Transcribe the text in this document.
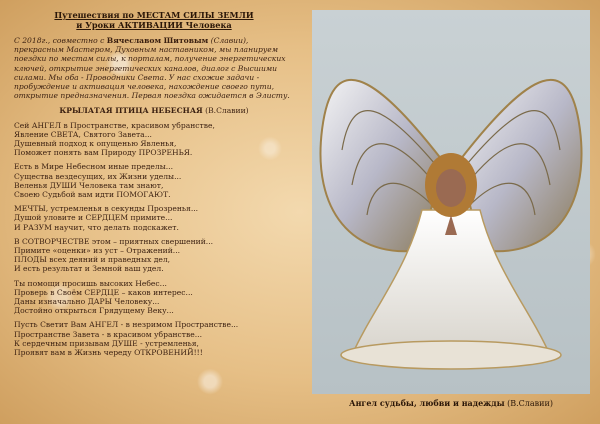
Путешествия по МЕСТАМ СИЛЫ ЗЕМЛИ
и Уроки АКТИВАЦИИ Человека

С 2018г., совместно с Вячеславом Шитовым (Славии), прекрасным Мастером, Духовным наставником, мы планируем поездки по местам силы, к порталам, получение энергетических ключей, открытие энергетических каналов, диалог с Высшими силами. Мы оба - Проводники Света. У нас схожие задачи - пробуждение и активация человека, нахождение своего пути, открытие предназначения. Первая поездка ожидается в Элисту.

КРЫЛАТАЯ ПТИЦА НЕБЕСНАЯ (В.Славии)
Сей АНГЕЛ в Пространстве, красивом убранстве,
Явление СВЕТА, Святого Завета...
Душевный подход к опущенью Явленья,
Поможет понять вам Природу ПРОЗРЕНЬЯ.
Есть в Мире Небесном иные пределы...
Существа вездесущих, их Жизни уделы...
Веленья ДУШИ Человека там знают,
Своею Судьбой вам идти ПОМОГАЮТ.
МЕЧТЫ, устремленья в секунды Прозренья...
Душой уловите и СЕРДЦЕМ примите...
И РАЗУМ научит, что делать подскажет.
В СОТВОРЧЕСТВЕ этом – приятных свершений...
Примите «оценки» из уст – Отражений...
ПЛОДЫ всех деяний и праведных дел,
И есть результат и Земной ваш удел.
Ты помощи просишь высоких Небес...
Проверь в Своём СЕРДЦЕ – каков интерес...
Даны изначально ДАРЫ Человеку...
Достойно открыться Грядущему Веку...
Пусть Светит Вам АНГЕЛ - в незримом Пространстве...
Пространстве Завета - в красивом убранстве...
К сердечным призывам ДУШЕ - устремленья,
Проявят вам в Жизнь череду ОТКРОВЕНИЙ!!!
Ангел судьбы, любви и надежды (В.Славии)
